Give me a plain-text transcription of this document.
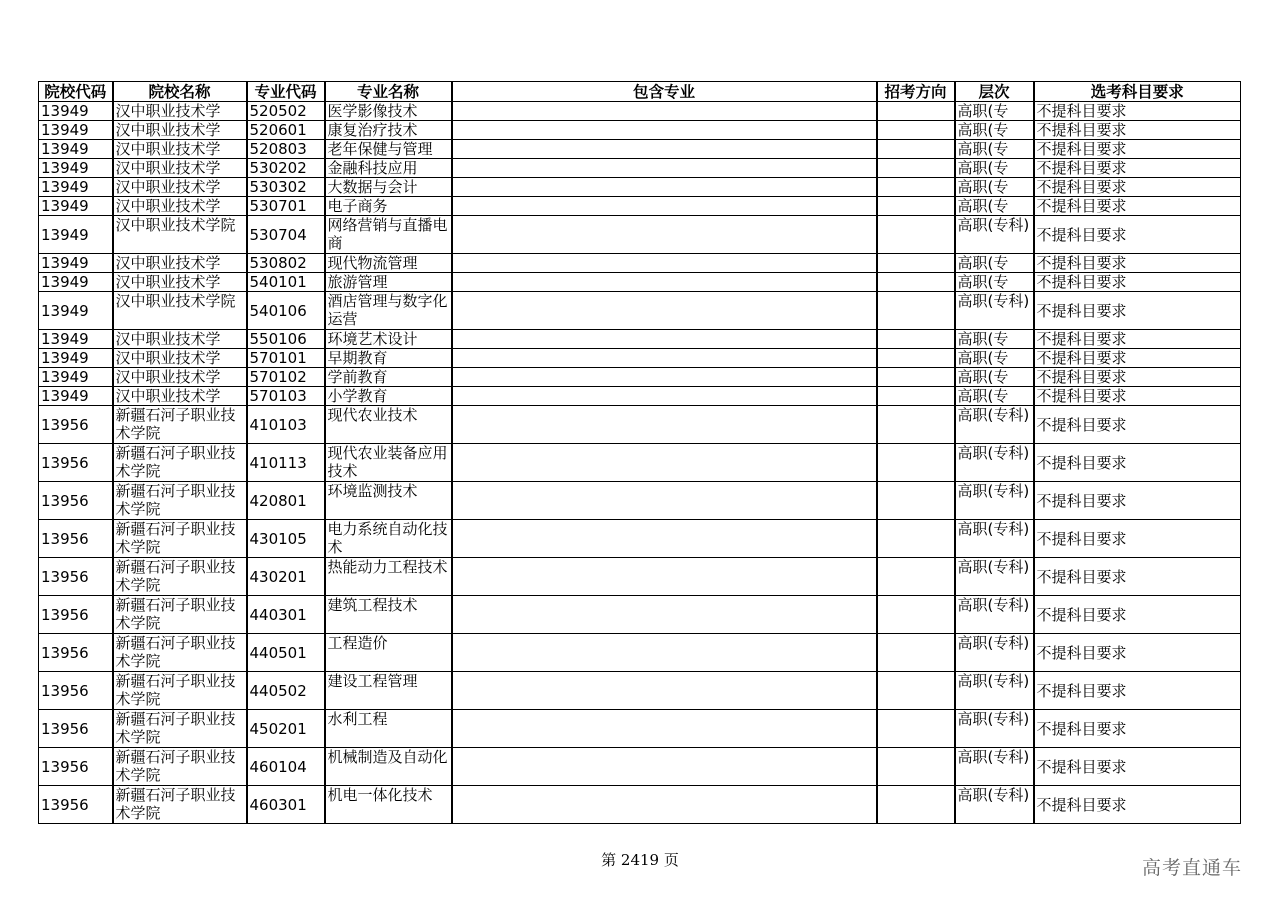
院校代码	院校名称	专业代码	专业名称	包含专业	招考方向	层次	选考科目要求
13949	汉中职业技术学	520502	医学影像技术			高职(专	不提科目要求
13949	汉中职业技术学	520601	康复治疗技术			高职(专	不提科目要求
13949	汉中职业技术学	520803	老年保健与管理			高职(专	不提科目要求
13949	汉中职业技术学	530202	金融科技应用			高职(专	不提科目要求
13949	汉中职业技术学	530302	大数据与会计			高职(专	不提科目要求
13949	汉中职业技术学	530701	电子商务			高职(专	不提科目要求
13949	汉中职业技术学院	530704	网络营销与直播电商			高职(专科)	不提科目要求
13949	汉中职业技术学	530802	现代物流管理			高职(专	不提科目要求
13949	汉中职业技术学	540101	旅游管理			高职(专	不提科目要求
13949	汉中职业技术学院	540106	酒店管理与数字化运营			高职(专科)	不提科目要求
13949	汉中职业技术学	550106	环境艺术设计			高职(专	不提科目要求
13949	汉中职业技术学	570101	早期教育			高职(专	不提科目要求
13949	汉中职业技术学	570102	学前教育			高职(专	不提科目要求
13949	汉中职业技术学	570103	小学教育			高职(专	不提科目要求
13956	新疆石河子职业技术学院	410103	现代农业技术			高职(专科)	不提科目要求
13956	新疆石河子职业技术学院	410113	现代农业装备应用技术			高职(专科)	不提科目要求
13956	新疆石河子职业技术学院	420801	环境监测技术			高职(专科)	不提科目要求
13956	新疆石河子职业技术学院	430105	电力系统自动化技术			高职(专科)	不提科目要求
13956	新疆石河子职业技术学院	430201	热能动力工程技术			高职(专科)	不提科目要求
13956	新疆石河子职业技术学院	440301	建筑工程技术			高职(专科)	不提科目要求
13956	新疆石河子职业技术学院	440501	工程造价			高职(专科)	不提科目要求
13956	新疆石河子职业技术学院	440502	建设工程管理			高职(专科)	不提科目要求
13956	新疆石河子职业技术学院	450201	水利工程			高职(专科)	不提科目要求
13956	新疆石河子职业技术学院	460104	机械制造及自动化			高职(专科)	不提科目要求
13956	新疆石河子职业技术学院	460301	机电一体化技术			高职(专科)	不提科目要求
第 2419 页	高考直通车
